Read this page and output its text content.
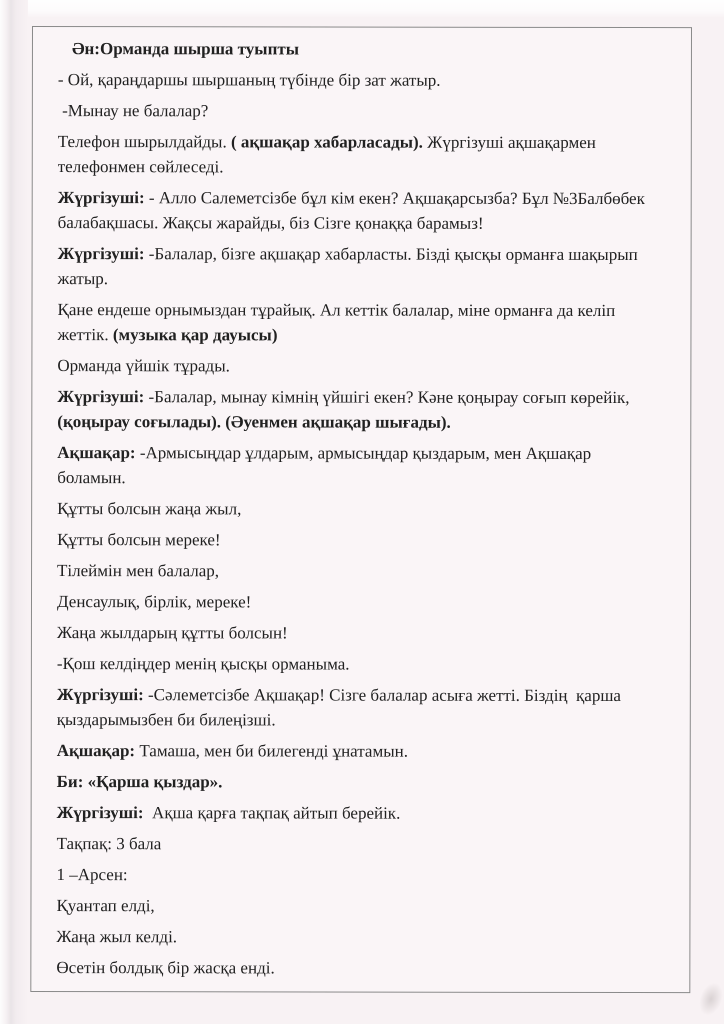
Ән:Орманда шырша туыпты

- Ой, қараңдаршы шыршаның түбінде бір зат жатыр.

-Мынау не балалар?

Телефон шырылдайды. ( ақшақар хабарласады). Жүргізуші ақшақармен телефонмен сөйлеседі.

Жүргізуші: - Алло Салеметсізбе бұл кім екен? Ақшақарсызба? Бұл №3Балбөбек балабақшасы. Жақсы жарайды, біз Сізге қонаққа барамыз!

Жүргізуші: -Балалар, бізге ақшақар хабарласты. Бізді қысқы орманға шақырып жатыр.

Қане ендеше орнымыздан тұрайық. Ал кеттік балалар, міне орманға да келіп жеттік. (музыка қар дауысы)

Орманда үйшік тұрады.

Жүргізуші: -Балалар, мынау кімнің үйшігі екен? Кәне қоңырау соғып көрейік, (қоңырау соғылады). (Әуенмен ақшақар шығады).

Ақшақар: -Армысыңдар ұлдарым, армысыңдар қыздарым, мен Ақшақар боламын.

Құтты болсын жаңа жыл,

Құтты болсын мереке!

Тілеймін мен балалар,

Денсаулық, бірлік, мереке!

Жаңа жылдарың құтты болсын!

-Қош келдіңдер менің қысқы орманыма.

Жүргізуші: -Сәлеметсізбе Ақшақар! Сізге балалар асыға жетті. Біздің  қарша қыздарымызбен би билеңізші.

Ақшақар: Тамаша, мен би билегенді ұнатамын.

Би: «Қарша қыздар».

Жүргізуші:  Ақша қарға тақпақ айтып берейік.

Тақпақ: 3 бала

1 –Арсен:

Қуантап елді,

Жаңа жыл келді.

Өсетін болдық бір жасқа енді.
